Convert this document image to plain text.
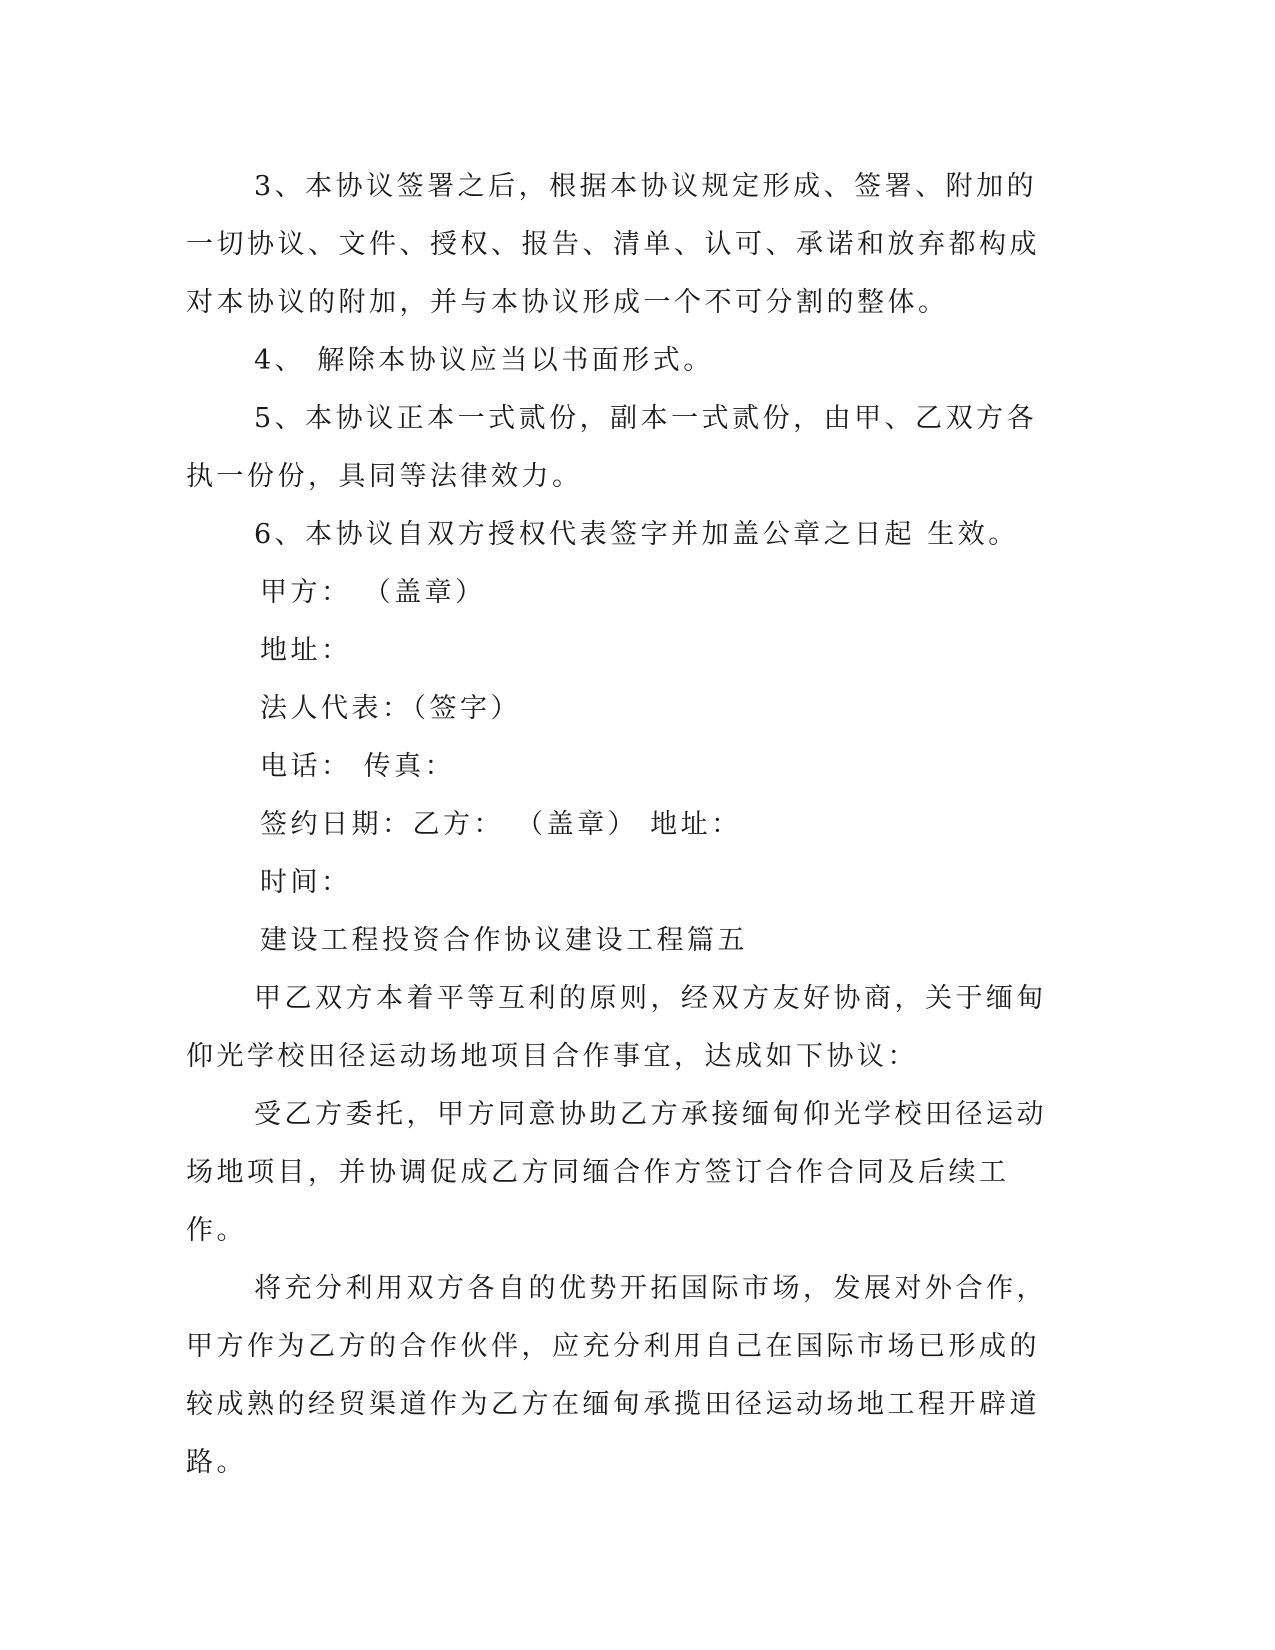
3、本协议签署之后，根据本协议规定形成、签署、附加的一切协议、文件、授权、报告、清单、认可、承诺和放弃都构成对本协议的附加，并与本协议形成一个不可分割的整体。

4、 解除本协议应当以书面形式。

5、本协议正本一式贰份，副本一式贰份，由甲、乙双方各执一份份，具同等法律效力。

6、本协议自双方授权代表签字并加盖公章之日起 生效。

甲方： （盖章）

地址：

法人代表：（签字）

电话： 传真：

签约日期：乙方： （盖章） 地址：

时间：

建设工程投资合作协议建设工程篇五

甲乙双方本着平等互利的原则，经双方友好协商，关于缅甸仰光学校田径运动场地项目合作事宜，达成如下协议：

受乙方委托，甲方同意协助乙方承接缅甸仰光学校田径运动场地项目，并协调促成乙方同缅合作方签订合作合同及后续工作。

将充分利用双方各自的优势开拓国际市场，发展对外合作，甲方作为乙方的合作伙伴，应充分利用自己在国际市场已形成的较成熟的经贸渠道作为乙方在缅甸承揽田径运动场地工程开辟道路。
